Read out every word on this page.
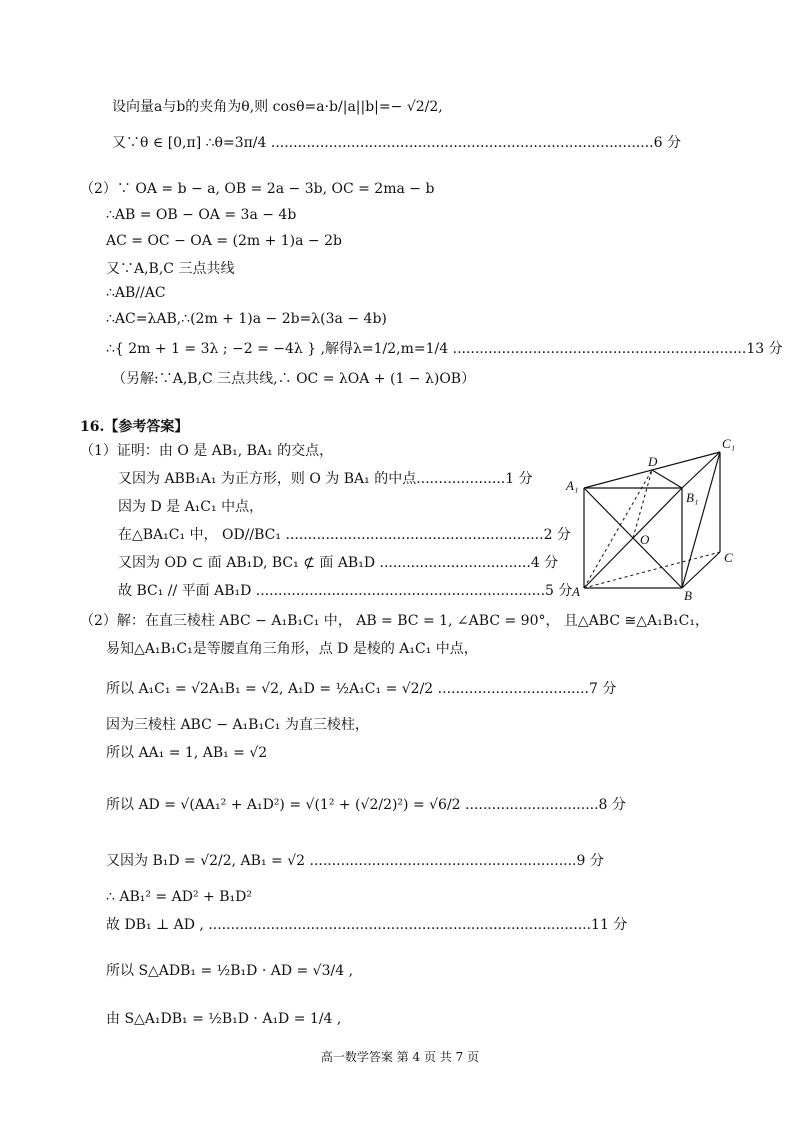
设向量a与b的夹角为θ,则 cosθ=a·b/|a||b|=− √2/2,
又∵θ ∈ [0,π] ∴θ=3π/4 ......................................................................................6 分
（2）∵ OA = b − a, OB = 2a − 3b, OC = 2ma − b
∴AB = OB − OA = 3a − 4b
AC = OC − OA = (2m + 1)a − 2b
又∵A,B,C 三点共线
∴AB//AC
∴AC=λAB,∴(2m + 1)a − 2b=λ(3a − 4b)
∴{ 2m + 1 = 3λ ; −2 = −4λ } ,解得λ=1/2,m=1/4 ..................................................................13 分
（另解:∵A,B,C 三点共线,∴ OC = λOA + (1 − λ)OB）
16.【参考答案】
（1）证明：由 O 是 AB₁, BA₁ 的交点，
又因为 ABB₁A₁ 为正方形，则 O 为 BA₁ 的中点....................1 分
因为 D 是 A₁C₁ 中点，
在△BA₁C₁ 中， OD//BC₁ ..........................................................2 分
又因为 OD ⊂ 面 AB₁D, BC₁ ⊄ 面 AB₁D ..................................4 分
故 BC₁ // 平面 AB₁D .................................................................5 分
（2）解：在直三棱柱 ABC − A₁B₁C₁ 中， AB = BC = 1, ∠ABC = 90°， 且△ABC ≅△A₁B₁C₁，
易知△A₁B₁C₁是等腰直角三角形，点 D 是棱的 A₁C₁ 中点，
所以 A₁C₁ = √2A₁B₁ = √2, A₁D = ½A₁C₁ = √2/2 ..................................7 分
因为三棱柱 ABC − A₁B₁C₁ 为直三棱柱，
所以 AA₁ = 1, AB₁ = √2
所以 AD = √(AA₁² + A₁D²) = √(1² + (√2/2)²) = √6/2 ..............................8 分
又因为 B₁D = √2/2, AB₁ = √2 ............................................................9 分
∴ AB₁² = AD² + B₁D²
故 DB₁ ⊥ AD , ......................................................................................11 分
所以 S△ADB₁ = ½B₁D · AD = √3/4 ,
由 S△A₁DB₁ = ½B₁D · A₁D = 1/4 ,
A₁
D
C₁
B₁
O
C
A	B
高一数学答案 第 4 页 共 7 页
